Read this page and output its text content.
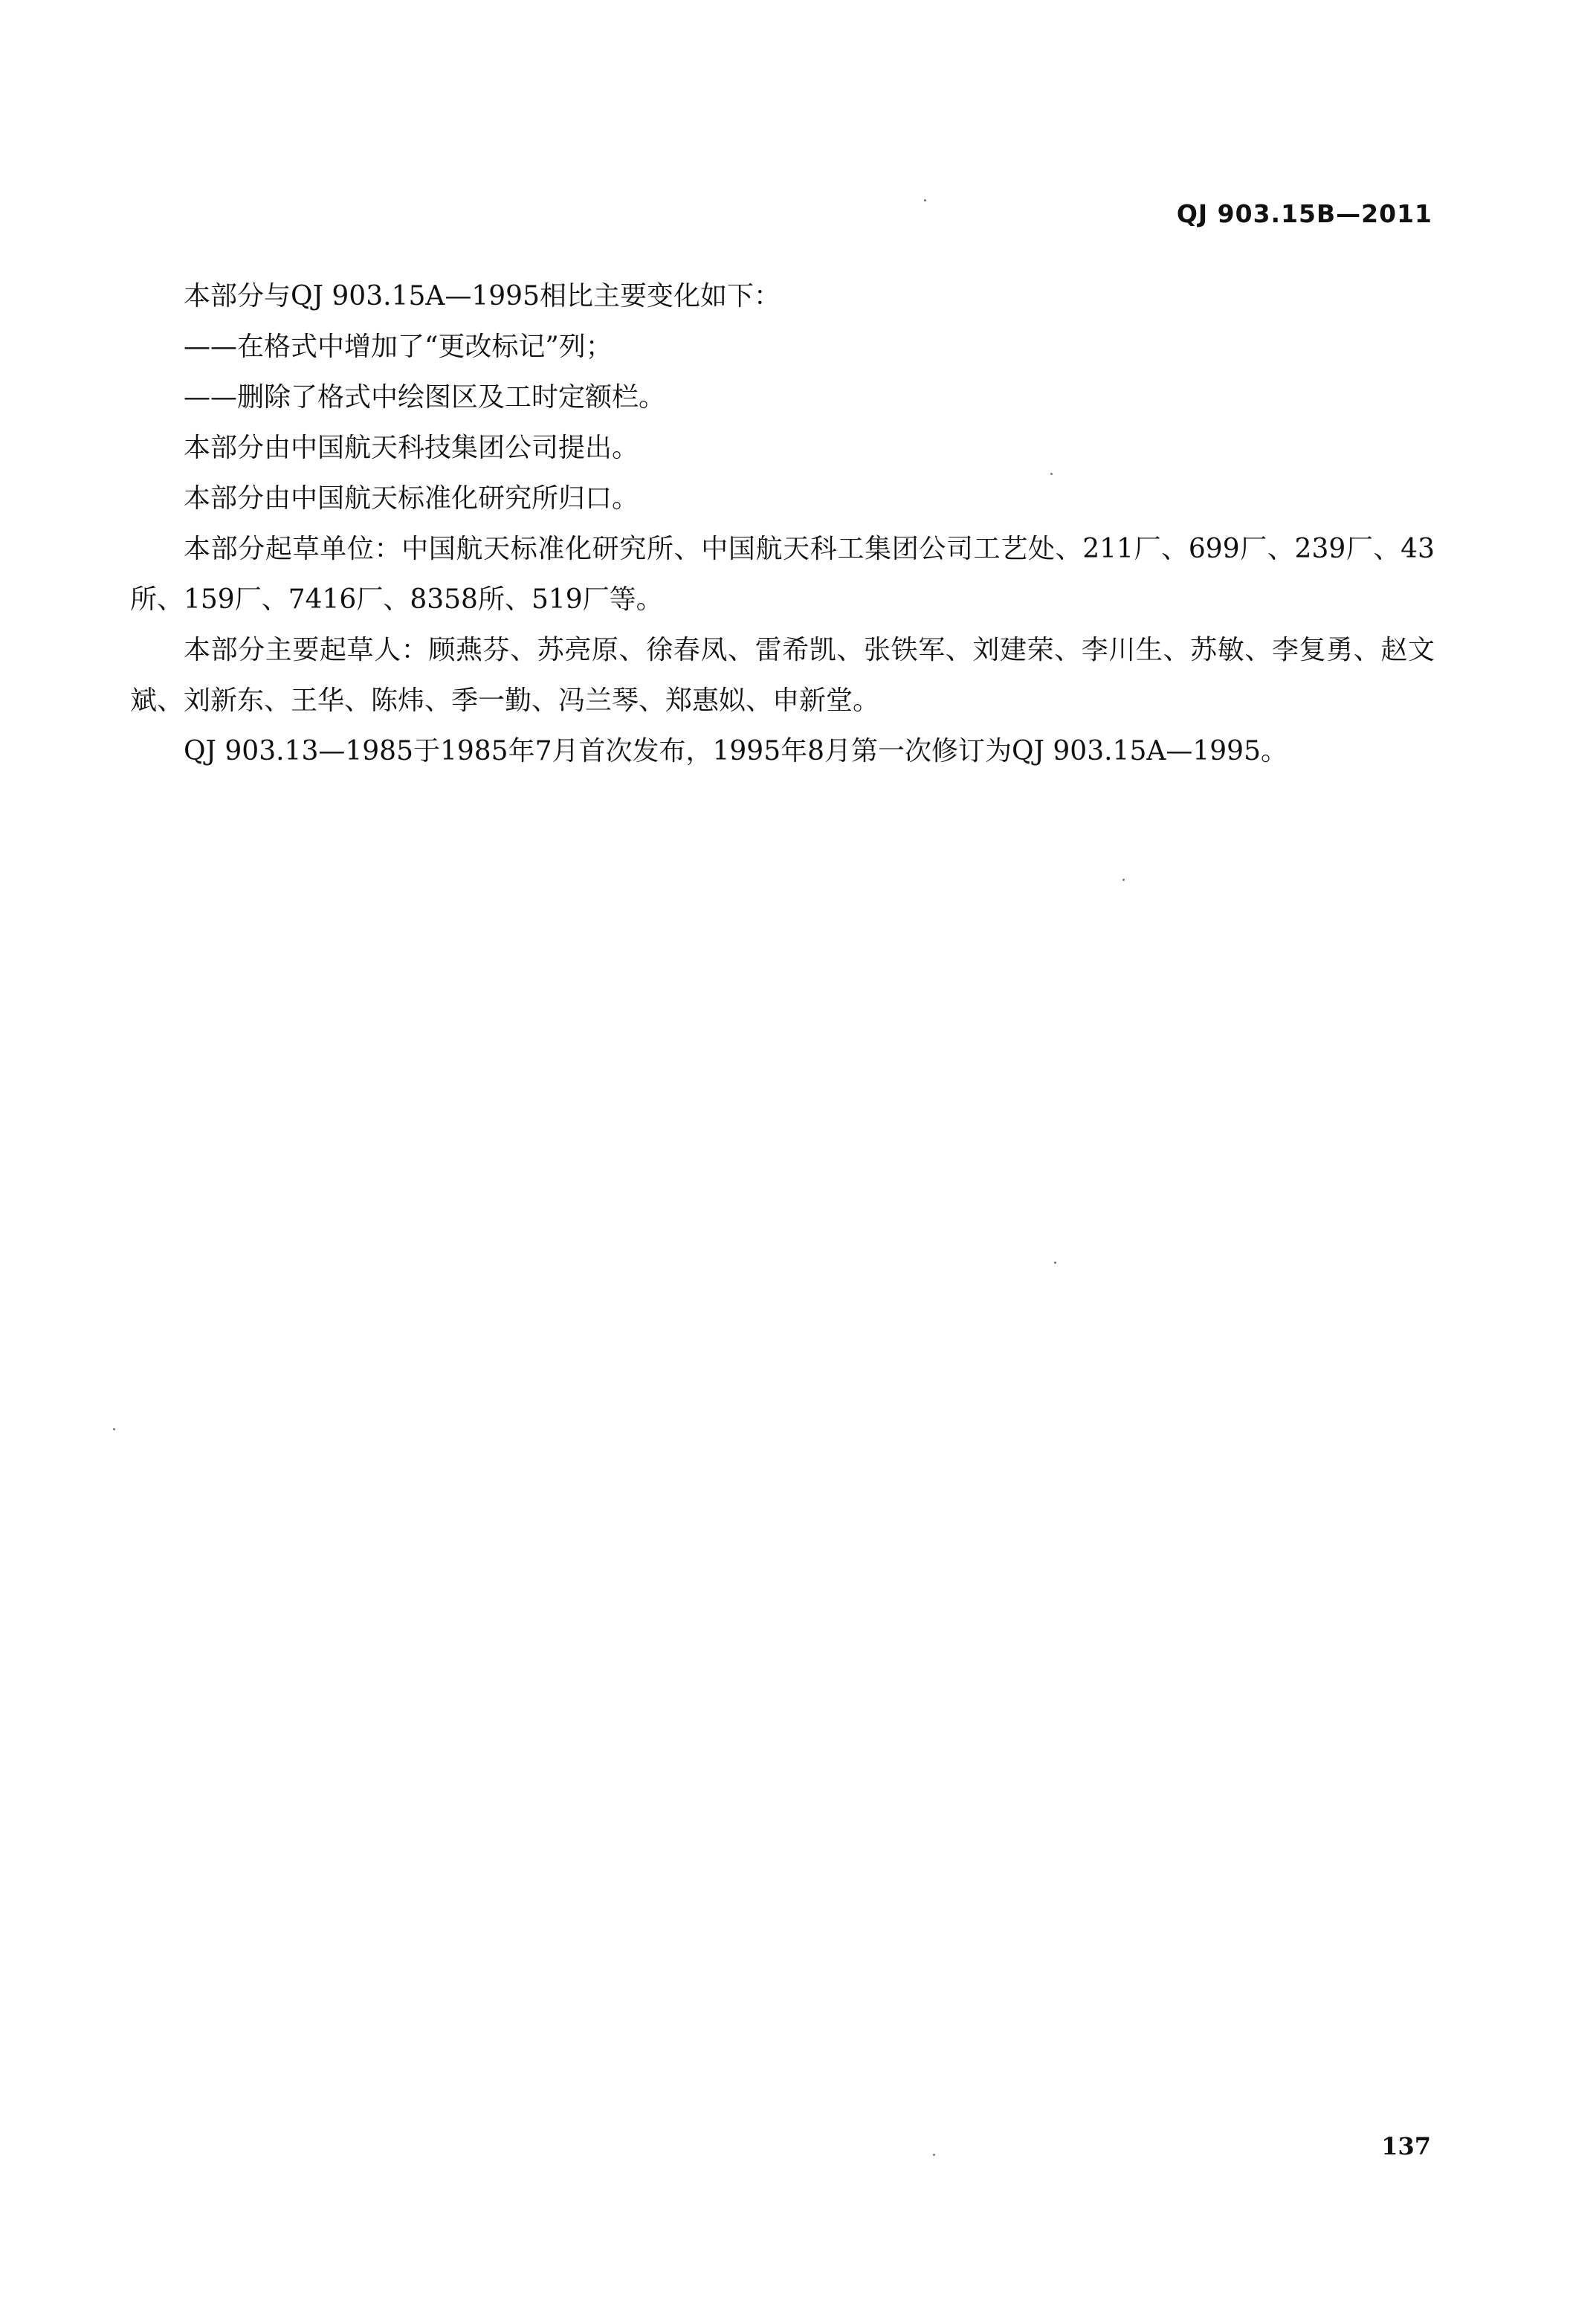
QJ 903.15B—2011

本部分与QJ 903.15A—1995相比主要变化如下：

——在格式中增加了“更改标记”列；

——删除了格式中绘图区及工时定额栏。

本部分由中国航天科技集团公司提出。

本部分由中国航天标准化研究所归口。

本部分起草单位：中国航天标准化研究所、中国航天科工集团公司工艺处、211厂、699厂、239厂、43所、159厂、7416厂、8358所、519厂等。

本部分主要起草人：顾燕芬、苏亮原、徐春凤、雷希凯、张铁军、刘建荣、李川生、苏敏、李复勇、赵文斌、刘新东、王华、陈炜、季一勤、冯兰琴、郑惠姒、申新堂。

QJ 903.13—1985于1985年7月首次发布，1995年8月第一次修订为QJ 903.15A—1995。

137
